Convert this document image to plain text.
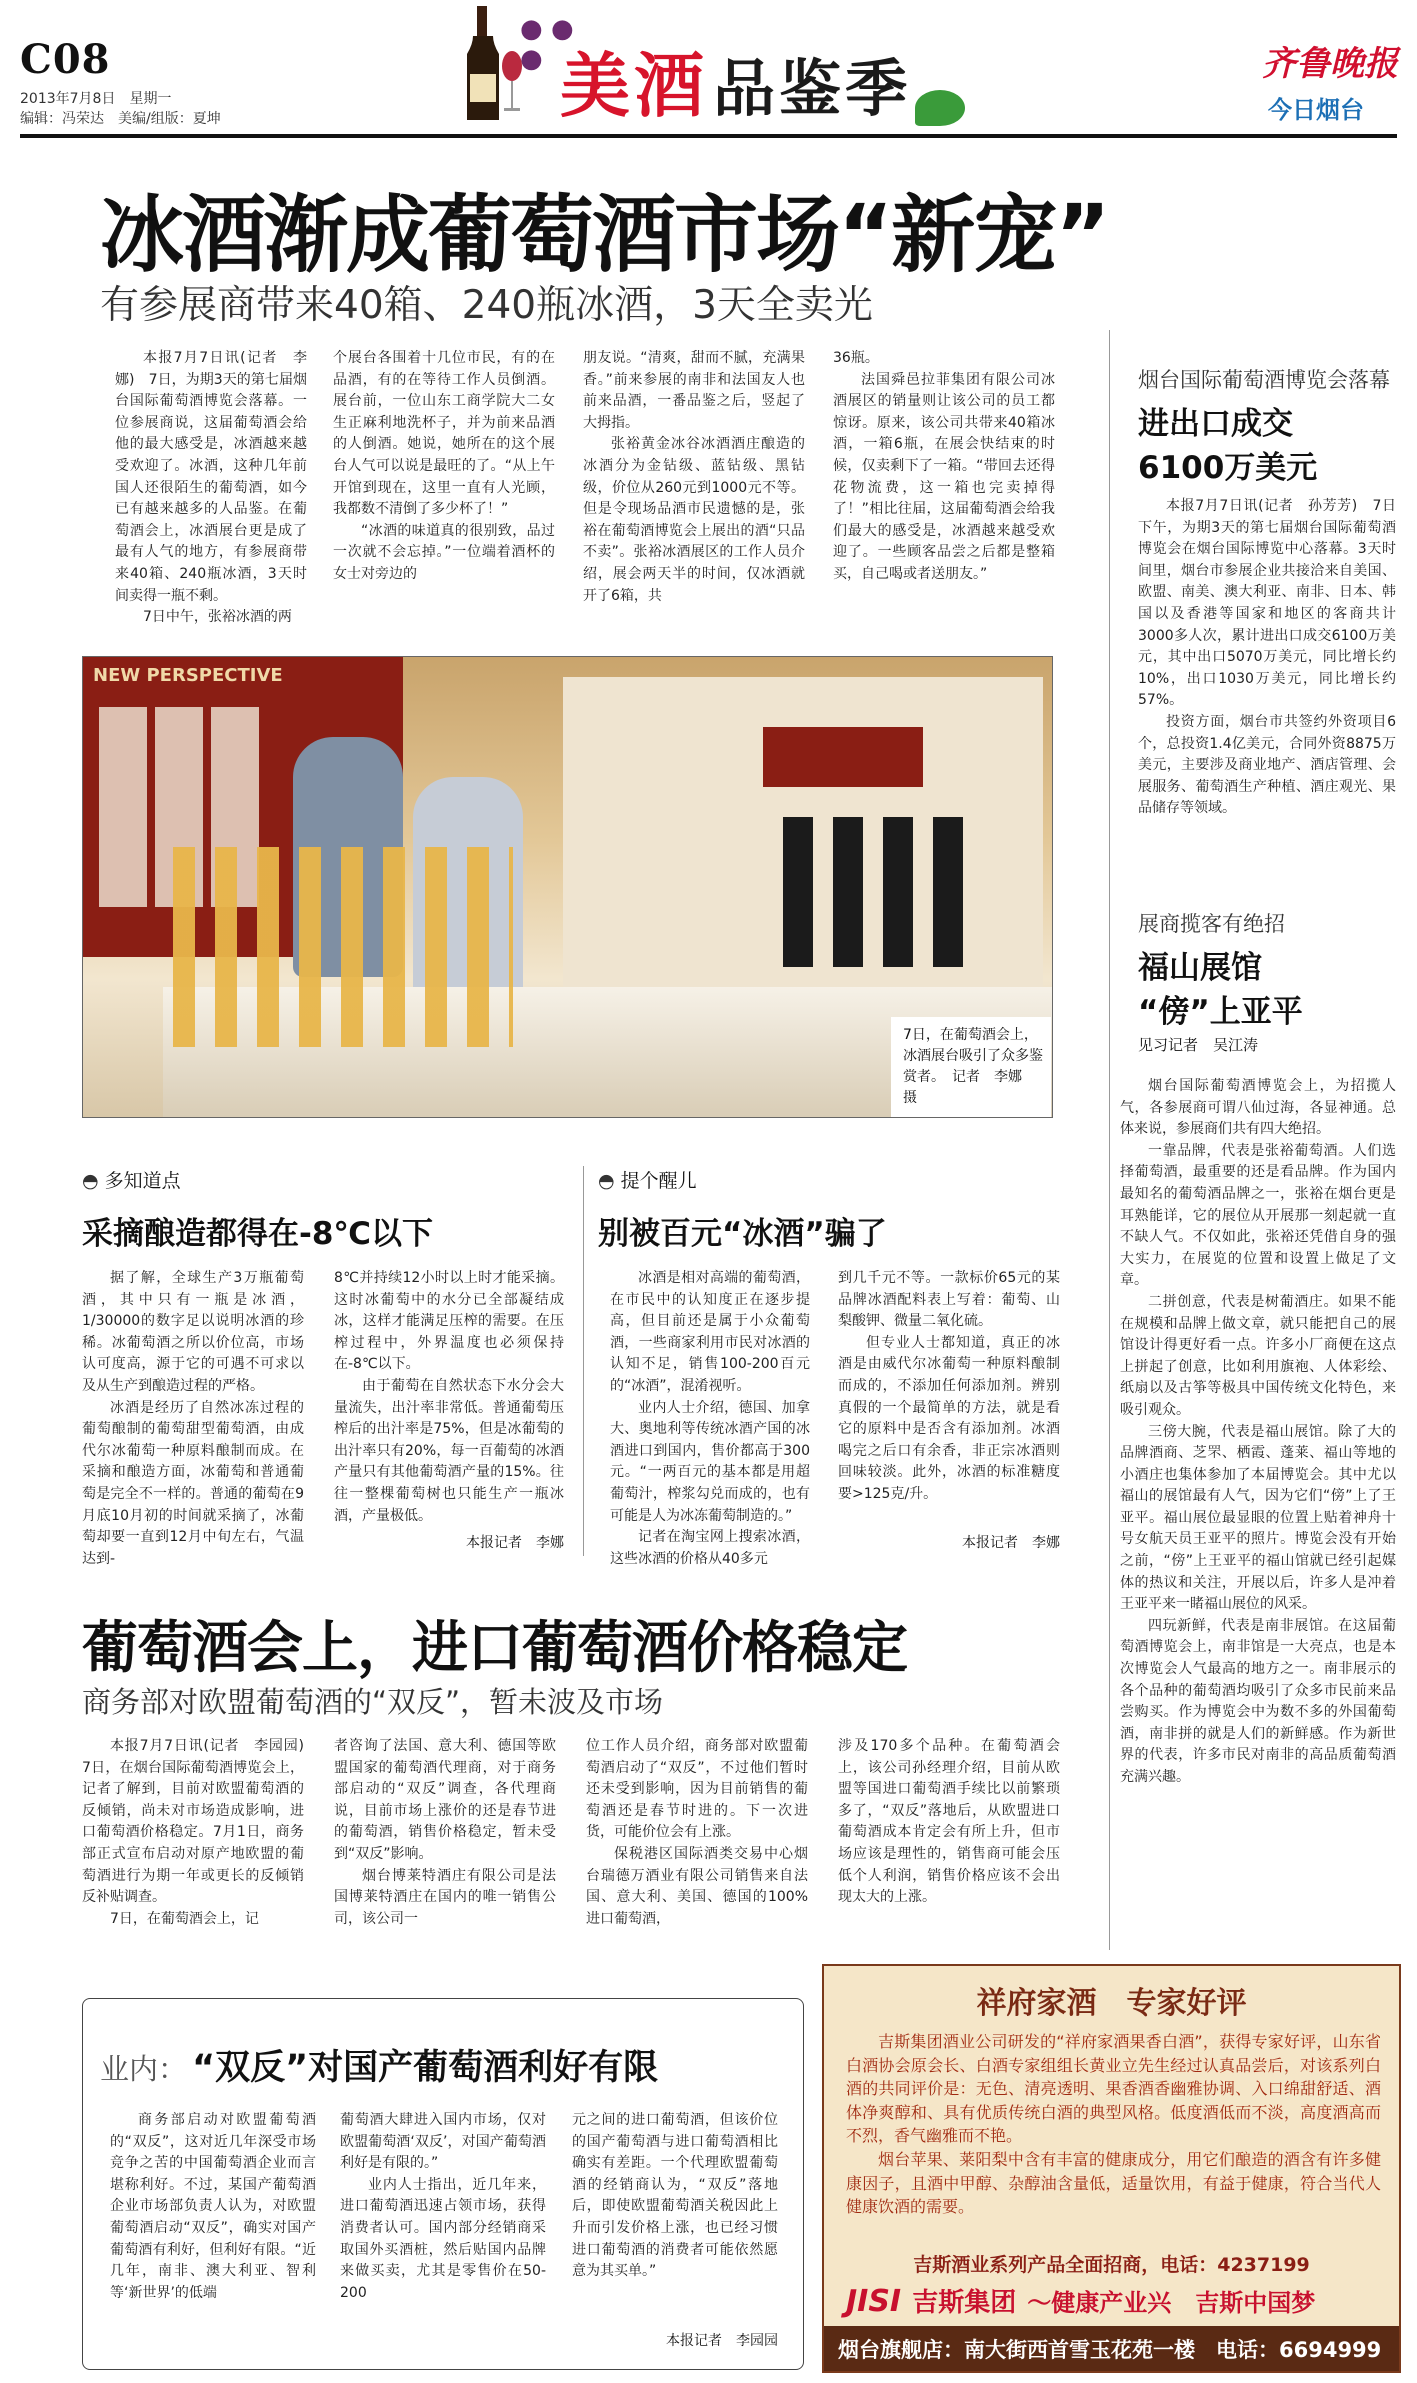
C08
2013年7月8日　星期一
编辑：冯荣达　美编/组版：夏坤
● ● ● 美酒 品鉴季	齐鲁晚报
今日烟台
冰酒渐成葡萄酒市场“新宠”
有参展商带来40箱、240瓶冰酒，3天全卖光

本报7月7日讯(记者　李娜)　7日，为期3天的第七届烟台国际葡萄酒博览会落幕。一位参展商说，这届葡萄酒会给他的最大感受是，冰酒越来越受欢迎了。冰酒，这种几年前国人还很陌生的葡萄酒，如今已有越来越多的人品鉴。在葡萄酒会上，冰酒展台更是成了最有人气的地方，有参展商带来40箱、240瓶冰酒，3天时间卖得一瓶不剩。

7日中午，张裕冰酒的两

个展台各围着十几位市民，有的在品酒，有的在等待工作人员倒酒。展台前，一位山东工商学院大二女生正麻利地洗杯子，并为前来品酒的人倒酒。她说，她所在的这个展台人气可以说是最旺的了。“从上午开馆到现在，这里一直有人光顾，我都数不清倒了多少杯了！”

“冰酒的味道真的很别致，品过一次就不会忘掉。”一位端着酒杯的女士对旁边的

朋友说。“清爽，甜而不腻，充满果香。”前来参展的南非和法国友人也前来品酒，一番品鉴之后，竖起了大拇指。

张裕黄金冰谷冰酒酒庄酿造的冰酒分为金钻级、蓝钻级、黑钻级，价位从260元到1000元不等。但是令现场品酒市民遗憾的是，张裕在葡萄酒博览会上展出的酒“只品不卖”。张裕冰酒展区的工作人员介绍，展会两天半的时间，仅冰酒就开了6箱，共

36瓶。

法国舜邑拉菲集团有限公司冰酒展区的销量则让该公司的员工都惊讶。原来，该公司共带来40箱冰酒，一箱6瓶，在展会快结束的时候，仅卖剩下了一箱。“带回去还得花物流费，这一箱也完卖掉得了！”相比往届，这届葡萄酒会给我们最大的感受是，冰酒越来越受欢迎了。一些顾客品尝之后都是整箱买，自己喝或者送朋友。”

NEW PERSPECTIVE
7日，在葡萄酒会上，冰酒展台吸引了众多鉴赏者。　记者　李娜　摄
烟台国际葡萄酒博览会落幕
进出口成交
6100万美元

本报7月7日讯(记者　孙芳芳)　7日下午，为期3天的第七届烟台国际葡萄酒博览会在烟台国际博览中心落幕。3天时间里，烟台市参展企业共接洽来自美国、欧盟、南美、澳大利亚、南非、日本、韩国以及香港等国家和地区的客商共计3000多人次，累计进出口成交6100万美元，其中出口5070万美元，同比增长约10%，出口1030万美元，同比增长约57%。

投资方面，烟台市共签约外资项目6个，总投资1.4亿美元，合同外资8875万美元，主要涉及商业地产、酒店管理、会展服务、葡萄酒生产种植、酒庄观光、果品储存等领域。

展商揽客有绝招
福山展馆
“傍”上亚平
见习记者　吴江涛

烟台国际葡萄酒博览会上，为招揽人气，各参展商可谓八仙过海，各显神通。总体来说，参展商们共有四大绝招。

一靠品牌，代表是张裕葡萄酒。人们选择葡萄酒，最重要的还是看品牌。作为国内最知名的葡萄酒品牌之一，张裕在烟台更是耳熟能详，它的展位从开展那一刻起就一直不缺人气。不仅如此，张裕还凭借自身的强大实力，在展览的位置和设置上做足了文章。

二拼创意，代表是树葡酒庄。如果不能在规模和品牌上做文章，就只能把自己的展馆设计得更好看一点。许多小厂商便在这点上拼起了创意，比如利用旗袍、人体彩绘、纸扇以及古筝等极具中国传统文化特色，来吸引观众。

三傍大腕，代表是福山展馆。除了大的品牌酒商、芝罘、栖霞、蓬莱、福山等地的小酒庄也集体参加了本届博览会。其中尤以福山的展馆最有人气，因为它们“傍”上了王亚平。福山展位最显眼的位置上贴着神舟十号女航天员王亚平的照片。博览会没有开始之前，“傍”上王亚平的福山馆就已经引起媒体的热议和关注，开展以后，许多人是冲着王亚平来一睹福山展位的风采。

四玩新鲜，代表是南非展馆。在这届葡萄酒博览会上，南非馆是一大亮点，也是本次博览会人气最高的地方之一。南非展示的各个品种的葡萄酒均吸引了众多市民前来品尝购买。作为博览会中为数不多的外国葡萄酒，南非拼的就是人们的新鲜感。作为新世界的代表，许多市民对南非的高品质葡萄酒充满兴趣。

◓ 多知道点
采摘酿造都得在-8℃以下

据了解，全球生产3万瓶葡萄酒，其中只有一瓶是冰酒，1/30000的数字足以说明冰酒的珍稀。冰葡萄酒之所以价位高，市场认可度高，源于它的可遇不可求以及从生产到酿造过程的严格。

冰酒是经历了自然冰冻过程的葡萄酿制的葡萄甜型葡萄酒，由成代尔冰葡萄一种原料酿制而成。在采摘和酿造方面，冰葡萄和普通葡萄是完全不一样的。普通的葡萄在9月底10月初的时间就采摘了，冰葡萄却要一直到12月中旬左右，气温达到-

8℃并持续12小时以上时才能采摘。这时冰葡萄中的水分已全部凝结成冰，这样才能满足压榨的需要。在压榨过程中，外界温度也必须保持在-8℃以下。

由于葡萄在自然状态下水分会大量流失，出汁率非常低。普通葡萄压榨后的出汁率是75%，但是冰葡萄的出汁率只有20%，每一百葡萄的冰酒产量只有其他葡萄酒产量的15%。往往一整棵葡萄树也只能生产一瓶冰酒，产量极低。

本报记者　李娜
◓ 提个醒儿
别被百元“冰酒”骗了

冰酒是相对高端的葡萄酒，在市民中的认知度正在逐步提高，但目前还是属于小众葡萄酒，一些商家利用市民对冰酒的认知不足，销售100-200百元的“冰酒”，混淆视听。

业内人士介绍，德国、加拿大、奥地利等传统冰酒产国的冰酒进口到国内，售价都高于300元。“一两百元的基本都是用超葡萄汁，榨浆勾兑而成的，也有可能是人为冰冻葡萄制造的。”

记者在淘宝网上搜索冰酒，这些冰酒的价格从40多元

到几千元不等。一款标价65元的某品牌冰酒配料表上写着：葡萄、山梨酸钾、微量二氧化硫。

但专业人士都知道，真正的冰酒是由威代尔冰葡萄一种原料酿制而成的，不添加任何添加剂。辨别真假的一个最简单的方法，就是看它的原料中是否含有添加剂。冰酒喝完之后口有余香，非正宗冰酒则回味较淡。此外，冰酒的标准糖度要>125克/升。

本报记者　李娜
葡萄酒会上，进口葡萄酒价格稳定
商务部对欧盟葡萄酒的“双反”，暂未波及市场

本报7月7日讯(记者　李园园)　7日，在烟台国际葡萄酒博览会上，记者了解到，目前对欧盟葡萄酒的反倾销，尚未对市场造成影响，进口葡萄酒价格稳定。7月1日，商务部正式宣布启动对原产地欧盟的葡萄酒进行为期一年或更长的反倾销反补贴调查。

7日，在葡萄酒会上，记

者咨询了法国、意大利、德国等欧盟国家的葡萄酒代理商，对于商务部启动的“双反”调查，各代理商说，目前市场上涨价的还是春节进的葡萄酒，销售价格稳定，暂未受到“双反”影响。

烟台博莱特酒庄有限公司是法国博莱特酒庄在国内的唯一销售公司，该公司一

位工作人员介绍，商务部对欧盟葡萄酒启动了“双反”，不过他们暂时还未受到影响，因为目前销售的葡萄酒还是春节时进的。下一次进货，可能价位会有上涨。

保税港区国际酒类交易中心烟台瑞德万酒业有限公司销售来自法国、意大利、美国、德国的100%进口葡萄酒，

涉及170多个品种。在葡萄酒会上，该公司孙经理介绍，目前从欧盟等国进口葡萄酒手续比以前繁琐多了，“双反”落地后，从欧盟进口葡萄酒成本肯定会有所上升，但市场应该是理性的，销售商可能会压低个人利润，销售价格应该不会出现太大的上涨。

业内： “双反”对国产葡萄酒利好有限

商务部启动对欧盟葡萄酒的“双反”，这对近几年深受市场竞争之苦的中国葡萄酒企业而言堪称利好。不过，某国产葡萄酒企业市场部负责人认为，对欧盟葡萄酒启动“双反”，确实对国产葡萄酒有利好，但利好有限。“近几年，南非、澳大利亚、智利等‘新世界’的低端

葡萄酒大肆进入国内市场，仅对欧盟葡萄酒‘双反’，对国产葡萄酒利好是有限的。”

业内人士指出，近几年来，进口葡萄酒迅速占领市场，获得消费者认可。国内部分经销商采取国外买酒桩，然后贴国内品牌来做买卖，尤其是零售价在50-200

元之间的进口葡萄酒，但该价位的国产葡萄酒与进口葡萄酒相比确实有差距。一个代理欧盟葡萄酒的经销商认为，“双反”落地后，即使欧盟葡萄酒关税因此上升而引发价格上涨，也已经习惯进口葡萄酒的消费者可能依然愿意为其买单。”

本报记者　李园园
祥府家酒　专家好评

吉斯集团酒业公司研发的“祥府家酒果香白酒”，获得专家好评，山东省白酒协会原会长、白酒专家组组长黄业立先生经过认真品尝后，对该系列白酒的共同评价是：无色、清亮透明、果香酒香幽雅协调、入口绵甜舒适、酒体净爽醇和、具有优质传统白酒的典型风格。低度酒低而不淡，高度酒高而不烈，香气幽雅而不艳。

烟台苹果、莱阳梨中含有丰富的健康成分，用它们酿造的酒含有许多健康因子，且酒中甲醇、杂醇油含量低，适量饮用，有益于健康，符合当代人健康饮酒的需要。

吉斯酒业系列产品全面招商，电话：4237199
JISI 吉斯集团 ～健康产业兴　吉斯中国梦
烟台旗舰店：南大街西首雪玉花苑一楼 电话：6694999
